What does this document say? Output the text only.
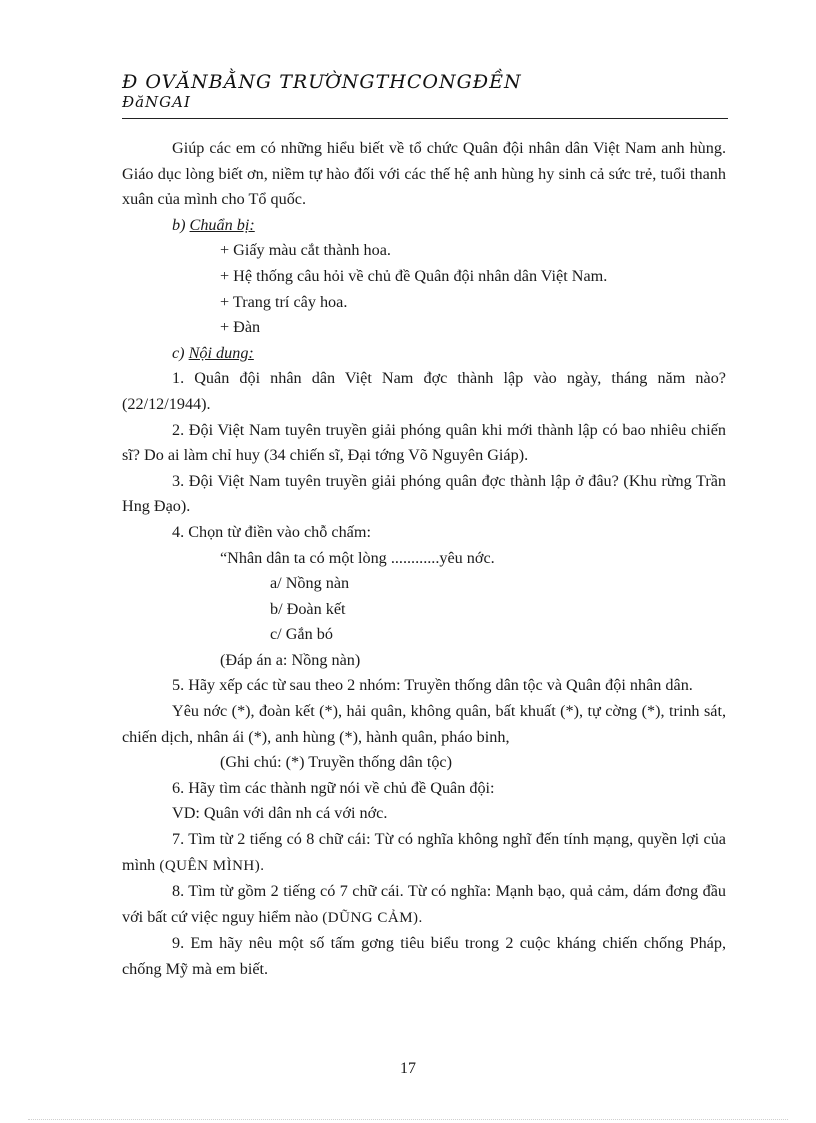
Đ OVĂNBẰNG TRƯỜNGTHCONGĐỀN
ĐăNGAI

Giúp các em có những hiểu biết về tổ chức Quân đội nhân dân Việt Nam anh hùng. Giáo dục lòng biết ơn, niềm tự hào đối với các thế hệ anh hùng hy sinh cả sức trẻ, tuổi thanh xuân của mình cho Tổ quốc.

b) Chuẩn bị:

+ Giấy màu cắt thành hoa.

+ Hệ thống câu hỏi về chủ đề Quân đội nhân dân Việt Nam.

+ Trang trí cây hoa.

+ Đàn

c) Nội dung:

1. Quân đội nhân dân Việt Nam đợc thành lập vào ngày, tháng năm nào? (22/12/1944).

2. Đội Việt Nam tuyên truyền giải phóng quân khi mới thành lập có bao nhiêu chiến sĩ? Do ai làm chỉ huy (34 chiến sĩ, Đại tớng Võ Nguyên Giáp).

3. Đội Việt Nam tuyên truyền giải phóng quân đợc thành lập ở đâu? (Khu rừng Trần Hng Đạo).

4. Chọn từ điền vào chỗ chấm:

“Nhân dân ta có một lòng ............yêu nớc.

a/ Nồng nàn

b/ Đoàn kết

c/ Gắn bó

(Đáp án a: Nồng nàn)

5. Hãy xếp các từ sau theo 2 nhóm: Truyền thống dân tộc và Quân đội nhân dân.

Yêu nớc (*), đoàn kết (*), hải quân, không quân, bất khuất (*), tự cờng (*), trinh sát, chiến dịch, nhân ái (*), anh hùng (*), hành quân, pháo binh,

(Ghi chú: (*) Truyền thống dân tộc)

6. Hãy tìm các thành ngữ nói về chủ đề Quân đội:

VD: Quân với dân nh cá với nớc.

7. Tìm từ 2 tiếng có 8 chữ cái: Từ có nghĩa không nghĩ đến tính mạng, quyền lợi của mình (QUÊN MÌNH).

8. Tìm từ gồm 2 tiếng có 7 chữ cái. Từ có nghĩa: Mạnh bạo, quả cảm, dám đơng đầu với bất cứ việc nguy hiểm nào (DŨNG CẢM).

9. Em hãy nêu một số tấm gơng tiêu biểu trong 2 cuộc kháng chiến chống Pháp, chống Mỹ mà em biết.

17
